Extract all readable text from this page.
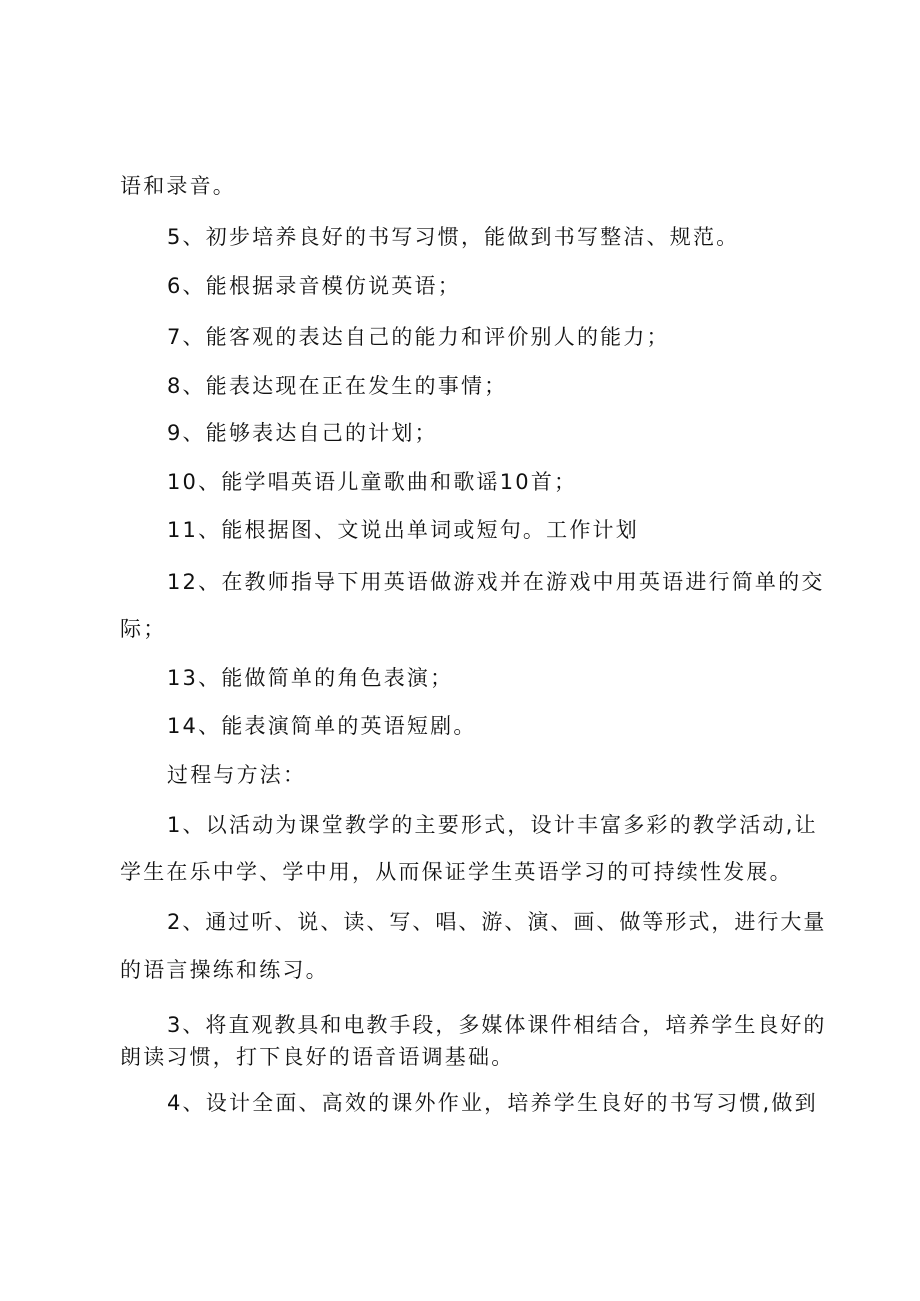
语和录音。

5、初步培养良好的书写习惯，能做到书写整洁、规范。

6、能根据录音模仿说英语；

7、能客观的表达自己的能力和评价别人的能力；

8、能表达现在正在发生的事情；

9、能够表达自己的计划；

10、能学唱英语儿童歌曲和歌谣10首；

11、能根据图、文说出单词或短句。工作计划

12、在教师指导下用英语做游戏并在游戏中用英语进行简单的交

际；

13、能做简单的角色表演；

14、能表演简单的英语短剧。

过程与方法：

1、以活动为课堂教学的主要形式，设计丰富多彩的教学活动,让

学生在乐中学、学中用，从而保证学生英语学习的可持续性发展。

2、通过听、说、读、写、唱、游、演、画、做等形式，进行大量

的语言操练和练习。

3、将直观教具和电教手段，多媒体课件相结合，培养学生良好的

朗读习惯，打下良好的语音语调基础。

4、设计全面、高效的课外作业，培养学生良好的书写习惯,做到
